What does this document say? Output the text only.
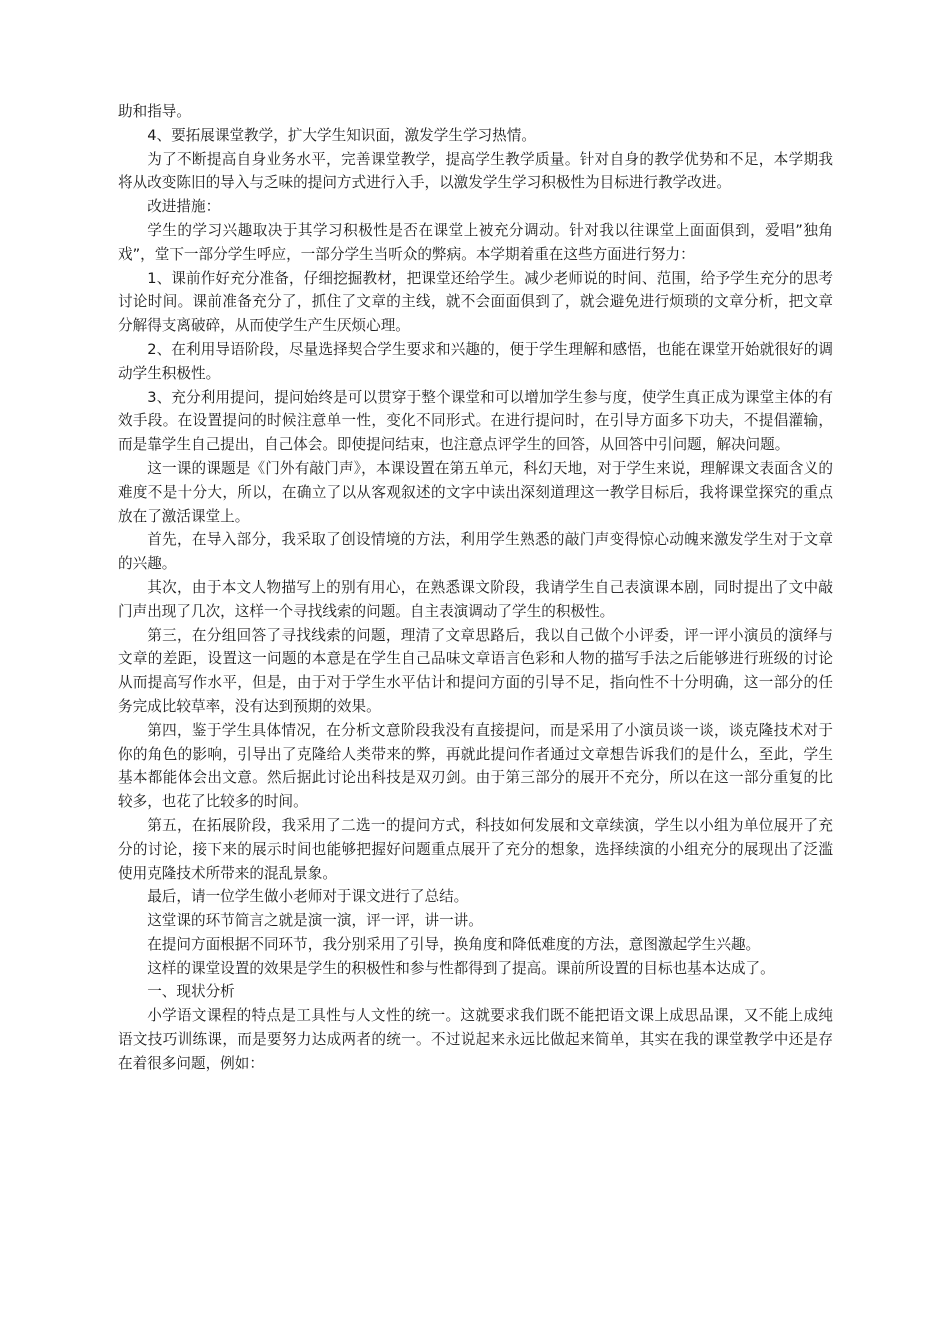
助和指导。

4、要拓展课堂教学，扩大学生知识面，激发学生学习热情。

为了不断提高自身业务水平，完善课堂教学，提高学生教学质量。针对自身的教学优势和不足，本学期我将从改变陈旧的导入与乏味的提问方式进行入手，以激发学生学习积极性为目标进行教学改进。

改进措施：

学生的学习兴趣取决于其学习积极性是否在课堂上被充分调动。针对我以往课堂上面面俱到，爱唱”独角戏”，堂下一部分学生呼应，一部分学生当听众的弊病。本学期着重在这些方面进行努力：

1、课前作好充分准备，仔细挖掘教材，把课堂还给学生。减少老师说的时间、范围，给予学生充分的思考讨论时间。课前准备充分了，抓住了文章的主线，就不会面面俱到了，就会避免进行烦琐的文章分析，把文章分解得支离破碎，从而使学生产生厌烦心理。

2、在利用导语阶段，尽量选择契合学生要求和兴趣的，便于学生理解和感悟，也能在课堂开始就很好的调动学生积极性。

3、充分利用提问，提问始终是可以贯穿于整个课堂和可以增加学生参与度，使学生真正成为课堂主体的有效手段。在设置提问的时候注意单一性，变化不同形式。在进行提问时，在引导方面多下功夫，不提倡灌输，而是靠学生自己提出，自己体会。即使提问结束，也注意点评学生的回答，从回答中引问题，解决问题。

这一课的课题是《门外有敲门声》，本课设置在第五单元，科幻天地，对于学生来说，理解课文表面含义的难度不是十分大，所以，在确立了以从客观叙述的文字中读出深刻道理这一教学目标后，我将课堂探究的重点放在了激活课堂上。

首先，在导入部分，我采取了创设情境的方法，利用学生熟悉的敲门声变得惊心动魄来激发学生对于文章的兴趣。

其次，由于本文人物描写上的别有用心，在熟悉课文阶段，我请学生自己表演课本剧，同时提出了文中敲门声出现了几次，这样一个寻找线索的问题。自主表演调动了学生的积极性。

第三，在分组回答了寻找线索的问题，理清了文章思路后，我以自己做个小评委，评一评小演员的演绎与文章的差距，设置这一问题的本意是在学生自己品味文章语言色彩和人物的描写手法之后能够进行班级的讨论从而提高写作水平，但是，由于对于学生水平估计和提问方面的引导不足，指向性不十分明确，这一部分的任务完成比较草率，没有达到预期的效果。

第四，鉴于学生具体情况，在分析文意阶段我没有直接提问，而是采用了小演员谈一谈，谈克隆技术对于你的角色的影响，引导出了克隆给人类带来的弊，再就此提问作者通过文章想告诉我们的是什么，至此，学生基本都能体会出文意。然后据此讨论出科技是双刃剑。由于第三部分的展开不充分，所以在这一部分重复的比较多，也花了比较多的时间。

第五，在拓展阶段，我采用了二选一的提问方式，科技如何发展和文章续演，学生以小组为单位展开了充分的讨论，接下来的展示时间也能够把握好问题重点展开了充分的想象，选择续演的小组充分的展现出了泛滥使用克隆技术所带来的混乱景象。

最后，请一位学生做小老师对于课文进行了总结。

这堂课的环节简言之就是演一演，评一评，讲一讲。

在提问方面根据不同环节，我分别采用了引导，换角度和降低难度的方法，意图激起学生兴趣。

这样的课堂设置的效果是学生的积极性和参与性都得到了提高。课前所设置的目标也基本达成了。

一、现状分析

小学语文课程的特点是工具性与人文性的统一。这就要求我们既不能把语文课上成思品课，又不能上成纯语文技巧训练课，而是要努力达成两者的统一。不过说起来永远比做起来简单，其实在我的课堂教学中还是存在着很多问题，例如：
